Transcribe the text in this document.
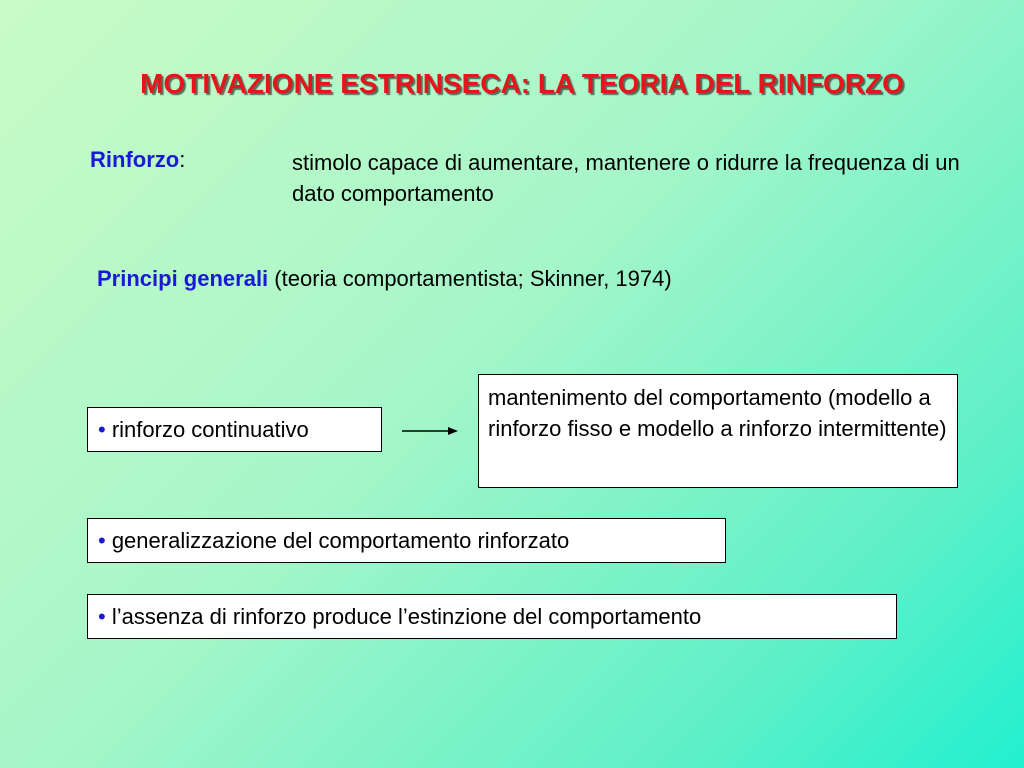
MOTIVAZIONE ESTRINSECA: LA TEORIA DEL RINFORZO
Rinforzo:	stimolo capace di aumentare, mantenere o ridurre la frequenza di un dato comportamento
Principi generali (teoria comportamentista; Skinner, 1974)
• rinforzo continuativo
mantenimento del comportamento (modello a rinforzo fisso e modello a rinforzo intermittente)
• generalizzazione del comportamento rinforzato
• l’assenza di rinforzo produce l’estinzione del comportamento
